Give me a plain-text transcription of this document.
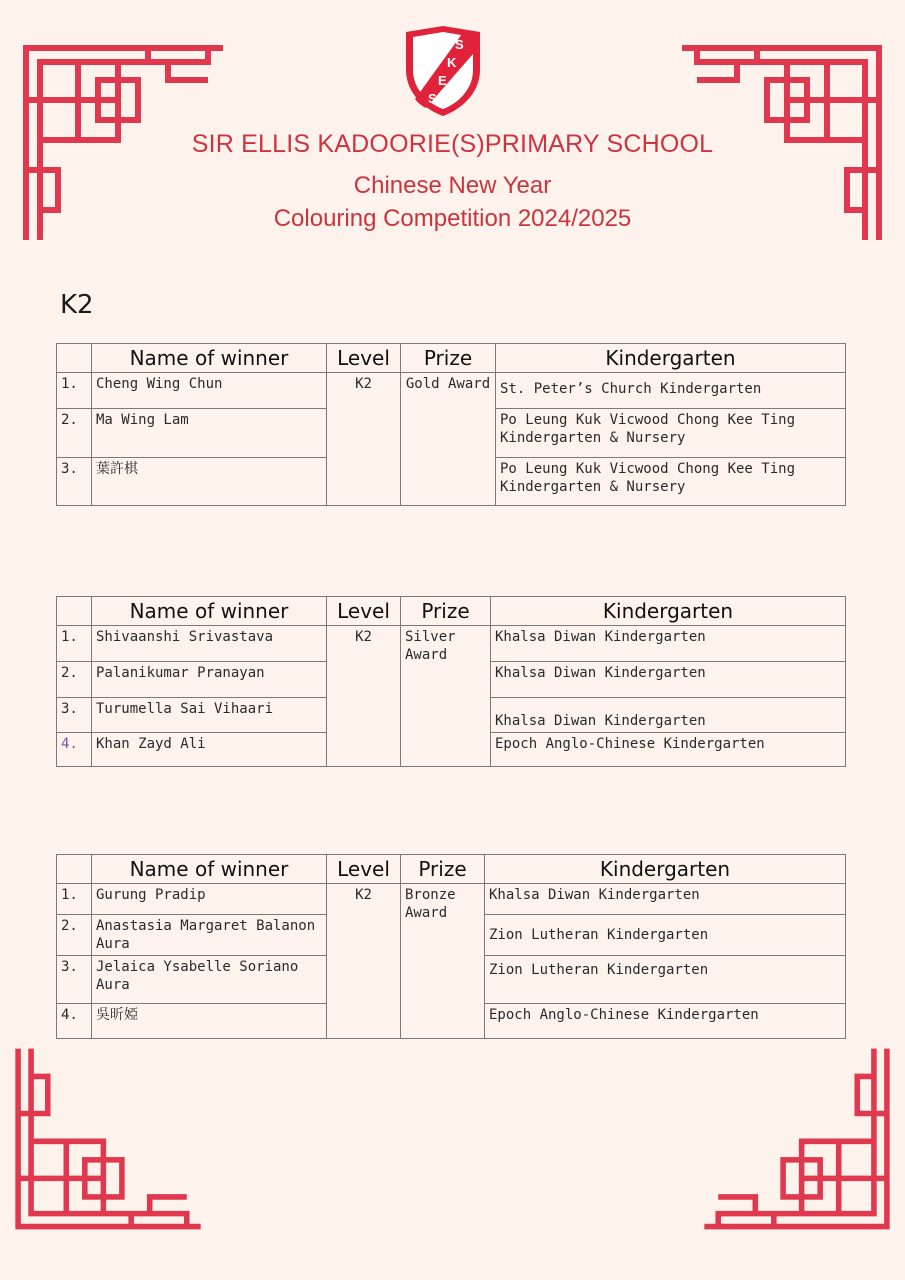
S
K
E
S
SIR ELLIS KADOORIE(S)PRIMARY SCHOOL
Chinese New Year
Colouring Competition 2024/2025
K2
	Name of winner	Level	Prize	Kindergarten
1.	Cheng Wing Chun	K2	Gold Award	St. Peter’s Church Kindergarten
2.	Ma Wing Lam			Po Leung Kuk Vicwood Chong Kee Ting Kindergarten & Nursery
3.	葉許棋			Po Leung Kuk Vicwood Chong Kee Ting Kindergarten & Nursery
	Name of winner	Level	Prize	Kindergarten
1.	Shivaanshi Srivastava	K2	Silver Award	Khalsa Diwan Kindergarten
2.	Palanikumar Pranayan			Khalsa Diwan Kindergarten
3.	Turumella Sai Vihaari			Khalsa Diwan Kindergarten
4.	Khan Zayd Ali			Epoch Anglo-Chinese Kindergarten
	Name of winner	Level	Prize	Kindergarten
1.	Gurung Pradip	K2	Bronze Award	Khalsa Diwan Kindergarten
2.	Anastasia Margaret Balanon Aura			Zion Lutheran Kindergarten
3.	Jelaica Ysabelle Soriano Aura			Zion Lutheran Kindergarten
4.	吳昕婭			Epoch Anglo-Chinese Kindergarten
